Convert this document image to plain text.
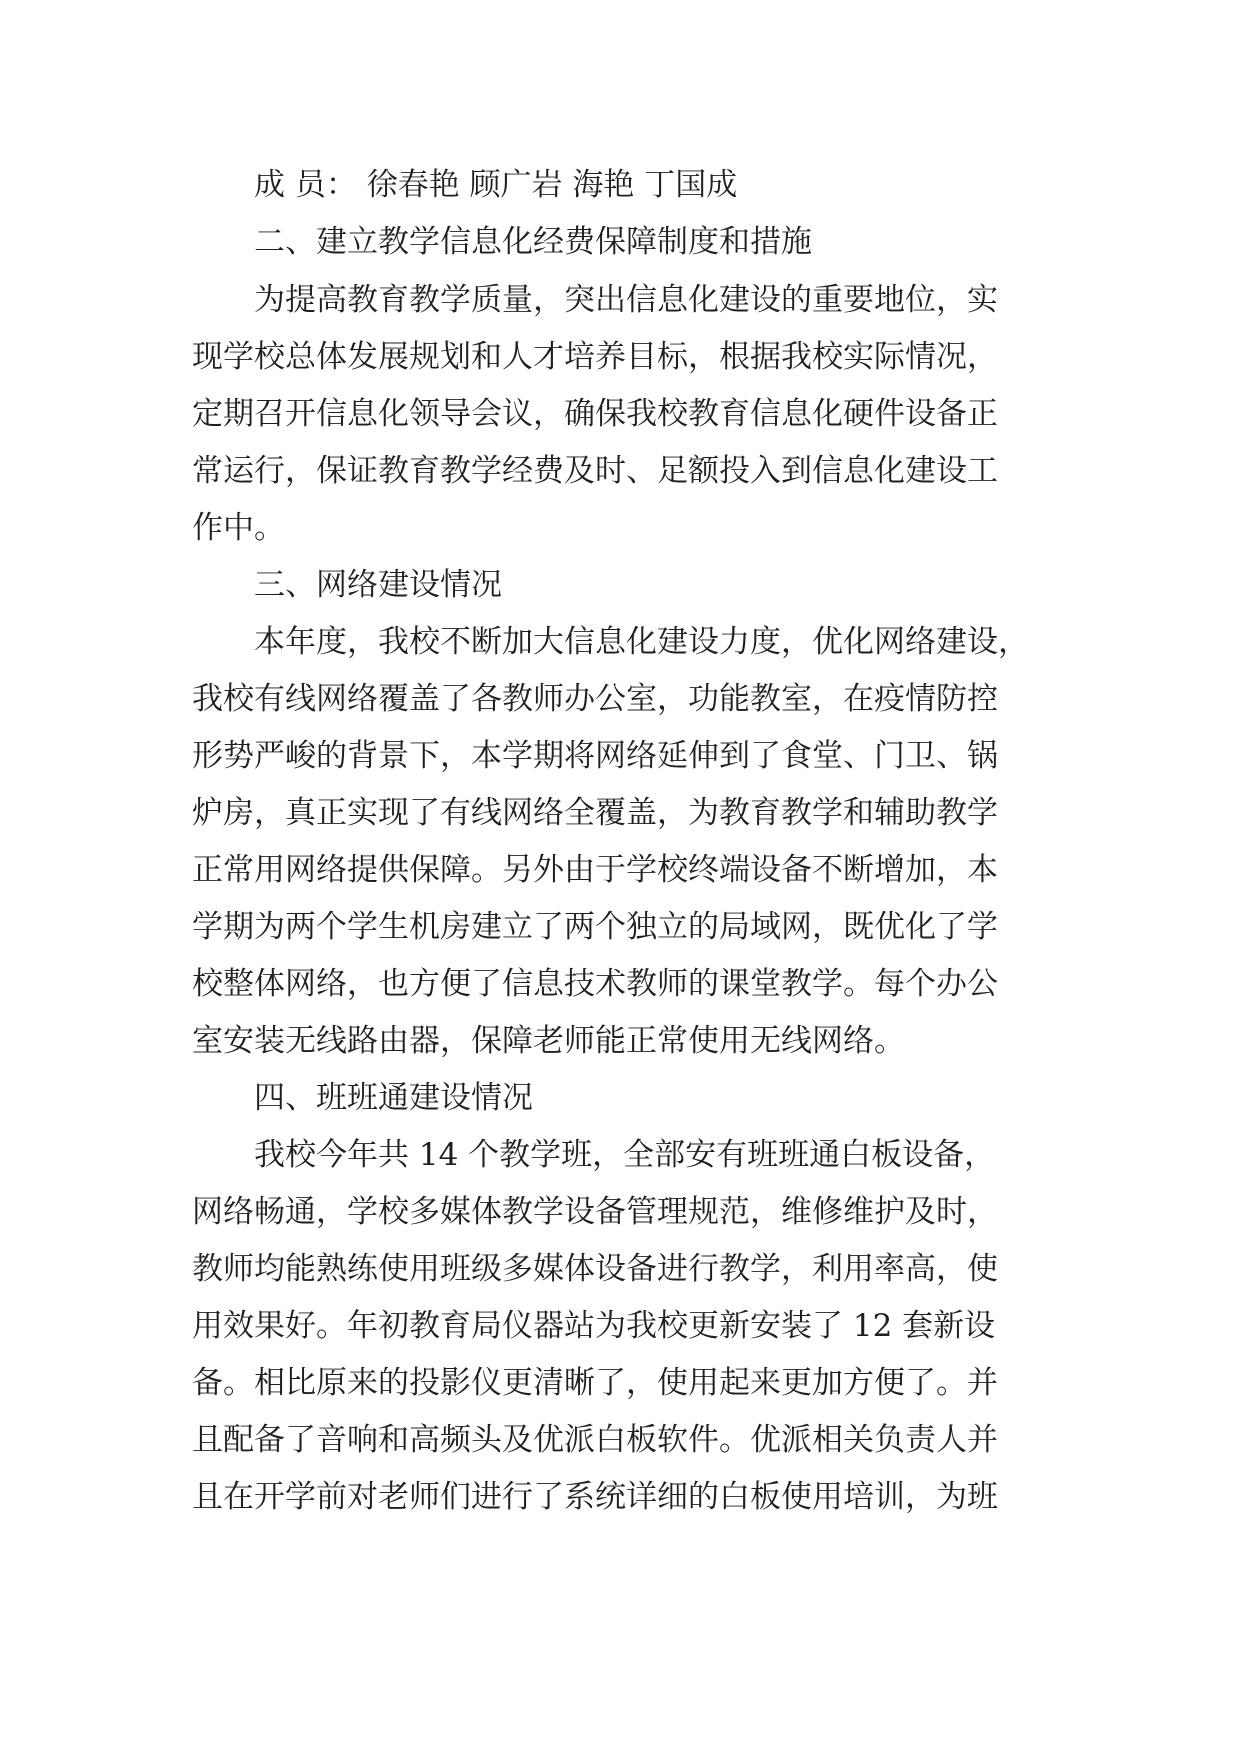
成 员： 徐春艳 顾广岩 海艳 丁国成
二、建立教学信息化经费保障制度和措施
为提高教育教学质量，突出信息化建设的重要地位，实
现学校总体发展规划和人才培养目标，根据我校实际情况，
定期召开信息化领导会议，确保我校教育信息化硬件设备正
常运行，保证教育教学经费及时、足额投入到信息化建设工
作中。
三、网络建设情况
本年度，我校不断加大信息化建设力度，优化网络建设，
我校有线网络覆盖了各教师办公室，功能教室，在疫情防控
形势严峻的背景下，本学期将网络延伸到了食堂、门卫、锅
炉房，真正实现了有线网络全覆盖，为教育教学和辅助教学
正常用网络提供保障。另外由于学校终端设备不断增加，本
学期为两个学生机房建立了两个独立的局域网，既优化了学
校整体网络，也方便了信息技术教师的课堂教学。每个办公
室安装无线路由器，保障老师能正常使用无线网络。
四、班班通建设情况
我校今年共 14 个教学班，全部安有班班通白板设备，
网络畅通，学校多媒体教学设备管理规范，维修维护及时，
教师均能熟练使用班级多媒体设备进行教学，利用率高，使
用效果好。年初教育局仪器站为我校更新安装了 12 套新设
备。相比原来的投影仪更清晰了，使用起来更加方便了。并
且配备了音响和高频头及优派白板软件。优派相关负责人并
且在开学前对老师们进行了系统详细的白板使用培训，为班
